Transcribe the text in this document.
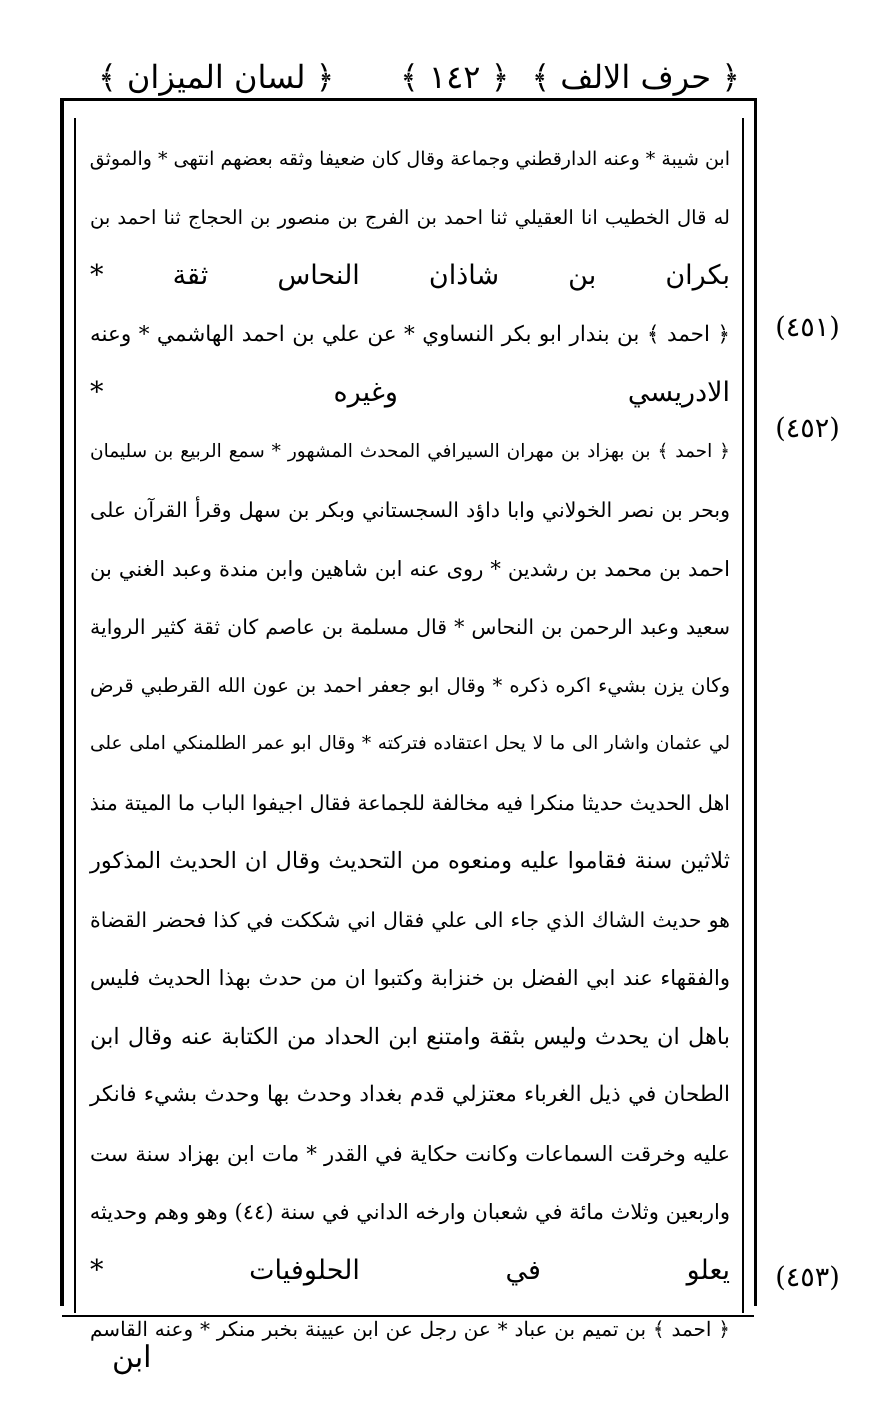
﴿ حرف الالف ﴾
﴿ ١٤٢ ﴾
﴿ لسان الميزان ﴾
ابن شيبة * وعنه الدارقطني وجماعة وقال كان ضعيفا وثقه بعضهم انتهى * والموثق
له قال الخطيب انا العقيلي ثنا احمد بن الفرج بن منصور بن الحجاج ثنا احمد بن
بكران بن شاذان النحاس ثقة *
﴿ احمد ﴾ بن بندار ابو بكر النساوي * عن علي بن احمد الهاشمي * وعنه
الادريسي وغيره *
﴿ احمد ﴾ بن بهزاد بن مهران السيرافي المحدث المشهور * سمع الربيع بن سليمان
وبحر بن نصر الخولاني وابا داؤد السجستاني وبكر بن سهل وقرأ القرآن على
احمد بن محمد بن رشدين * روى عنه ابن شاهين وابن مندة وعبد الغني بن
سعيد وعبد الرحمن بن النحاس * قال مسلمة بن عاصم كان ثقة كثير الرواية
وكان يزن بشيء اكره ذكره * وقال ابو جعفر احمد بن عون الله القرطبي قرض
لي عثمان واشار الى ما لا يحل اعتقاده فتركته * وقال ابو عمر الطلمنكي املى على
اهل الحديث حديثا منكرا فيه مخالفة للجماعة فقال اجيفوا الباب ما الميتة منذ
ثلاثين سنة فقاموا عليه ومنعوه من التحديث وقال ان الحديث المذكور
هو حديث الشاك الذي جاء الى علي فقال اني شككت في كذا فحضر القضاة
والفقهاء عند ابي الفضل بن خنزابة وكتبوا ان من حدث بهذا الحديث فليس
باهل ان يحدث وليس بثقة وامتنع ابن الحداد من الكتابة عنه وقال ابن
الطحان في ذيل الغرباء معتزلي قدم بغداد وحدث بها وحدث بشيء فانكر
عليه وخرقت السماعات وكانت حكاية في القدر * مات ابن بهزاد سنة ست
واربعين وثلاث مائة في شعبان وارخه الداني في سنة (٤٤) وهو وهم وحديثه
يعلو في الحلوفيات *
﴿ احمد ﴾ بن تميم بن عباد * عن رجل عن ابن عيينة بخبر منكر * وعنه القاسم
(٤٥١)
(٤٥٢)
(٤٥٣)
ابن
